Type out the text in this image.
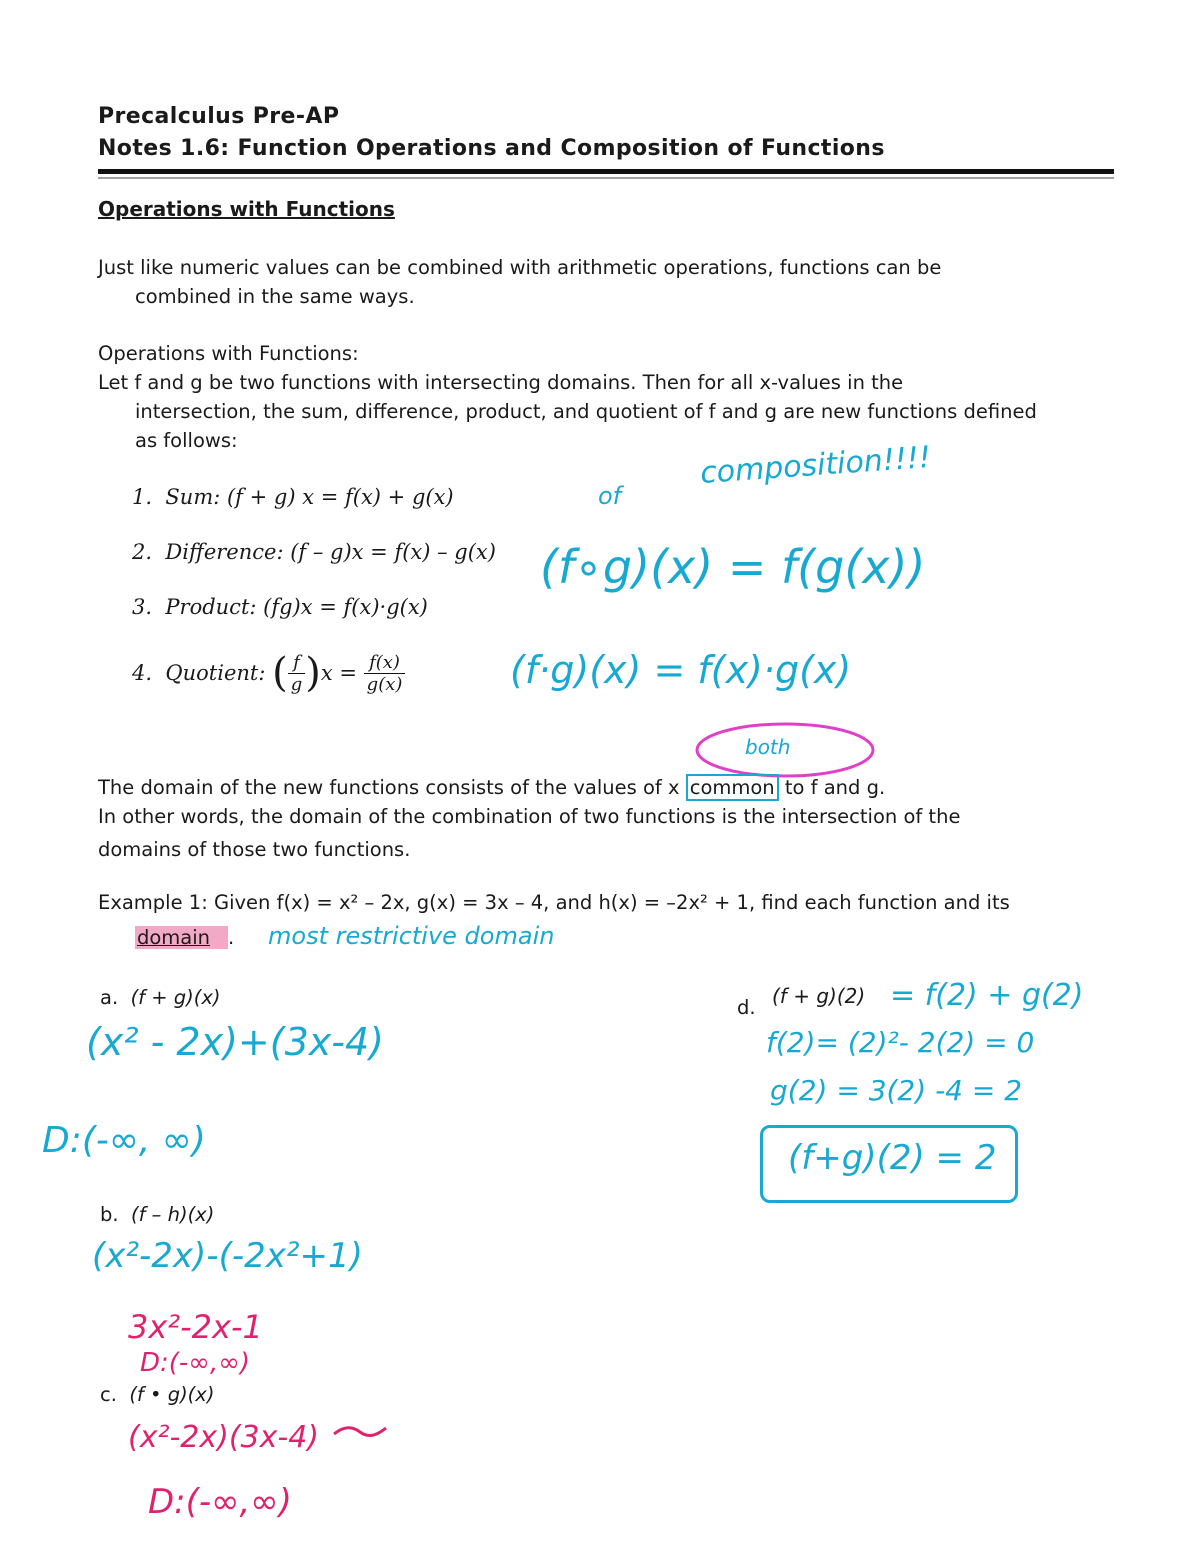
Precalculus Pre-AP
Notes 1.6: Function Operations and Composition of Functions
Operations with Functions
Just like numeric values can be combined with arithmetic operations, functions can be
combined in the same ways.
Operations with Functions:
Let f and g be two functions with intersecting domains. Then for all x-values in the
intersection, the sum, difference, product, and quotient of f and g are new functions defined
as follows:
1. Sum: (f + g) x = f(x) + g(x)
2. Difference: (f – g)x = f(x) – g(x)
3. Product: (fg)x = f(x)·g(x)
4. Quotient: ( $\frac{f}{g} )x = \frac{f(x)}{g(x)}$
composition!!!!
of
(f∘g)(x) = f(g(x))
(f·g)(x) = f(x)·g(x)
both
The domain of the new functions consists of the values of x common to f and g.
In other words, the domain of the combination of two functions is the intersection of the
domains of those two functions.
Example 1: Given f(x) = x² – 2x, g(x) = 3x – 4, and h(x) = –2x² + 1, find each function and its
domain . most restrictive domain
a. (f + g)(x)
(x² - 2x)+(3x-4)
D:(-∞, ∞)
b. (f – h)(x)
(x²-2x)-(-2x²+1)
3x²-2x-1
D:(-∞,∞)
c. (f • g)(x)
(x²-2x)(3x-4)
D:(-∞,∞)
d. (f + g)(2) = f(2) + g(2)
f(2)= (2)²- 2(2) = 0
g(2) = 3(2) -4 = 2
(f+g)(2) = 2
